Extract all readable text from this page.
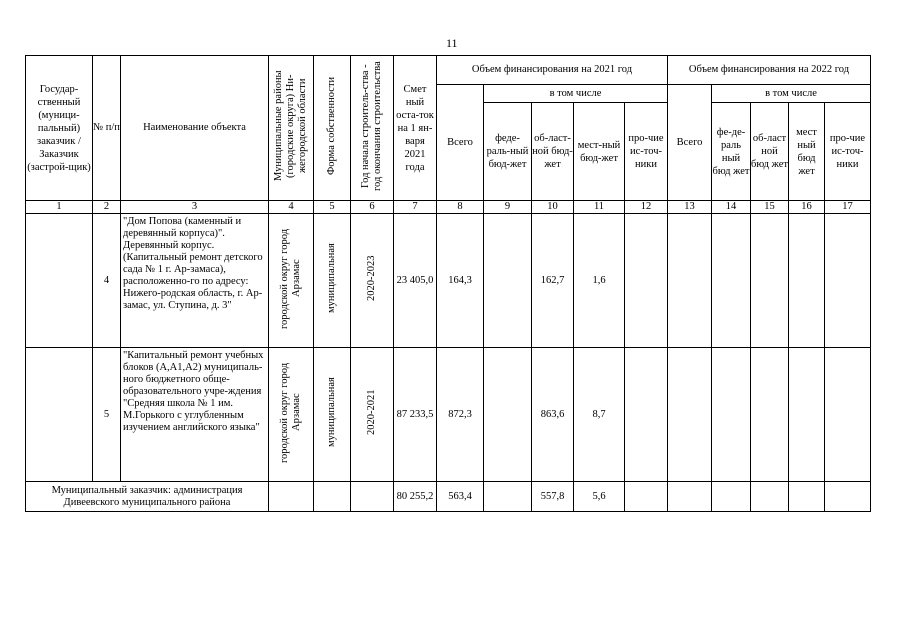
11
Государ-ственный (муници-пальный) заказчик / Заказчик (застрой-щик)	№ п/п	Наименование объекта	Муниципальные районы (городские округа) Ни-жегородской области	Форма собственности	Год начала строитель-ства - год окончания строительства	Смет ный оста-ток на 1 ян-варя 2021 года	Объем финансирования на 2021 год					Объем финансирования на 2022 год				
							Всего	в том числе				Всего	в том числе			
								феде-раль-ный бюд-жет	об-ласт-ной бюд-жет	мест-ный бюд-жет	про-чие ис-точ-ники		фе-де-раль ный бюд жет	об-ласт ной бюд жет	мест ный бюд жет	про-чие ис-точ-ники
1	2	3	4	5	6	7	8	9	10	11	12	13	14	15	16	17
	4	"Дом Попова (каменный и деревянный корпуса)". Деревянный корпус. (Капитальный ремонт детского сада № 1 г. Ар-замаса), расположенно-го по адресу: Нижего-родская область, г. Ар-замас, ул. Ступина, д. 3"	городской округ город Арзамас	муниципальная	2020-2023	23 405,0	164,3		162,7	1,6						
	5	"Капитальный ремонт учебных блоков (А,А1,А2) муниципаль-ного бюджетного обще-образовательного учре-ждения "Средняя школа № 1 им. М.Горького с углубленным изучением английского языка"	городской округ город Арзамас	муниципальная	2020-2021	87 233,5	872,3		863,6	8,7						
Муниципальный заказчик: администрация Дивеевского муниципального района						80 255,2	563,4		557,8	5,6						
